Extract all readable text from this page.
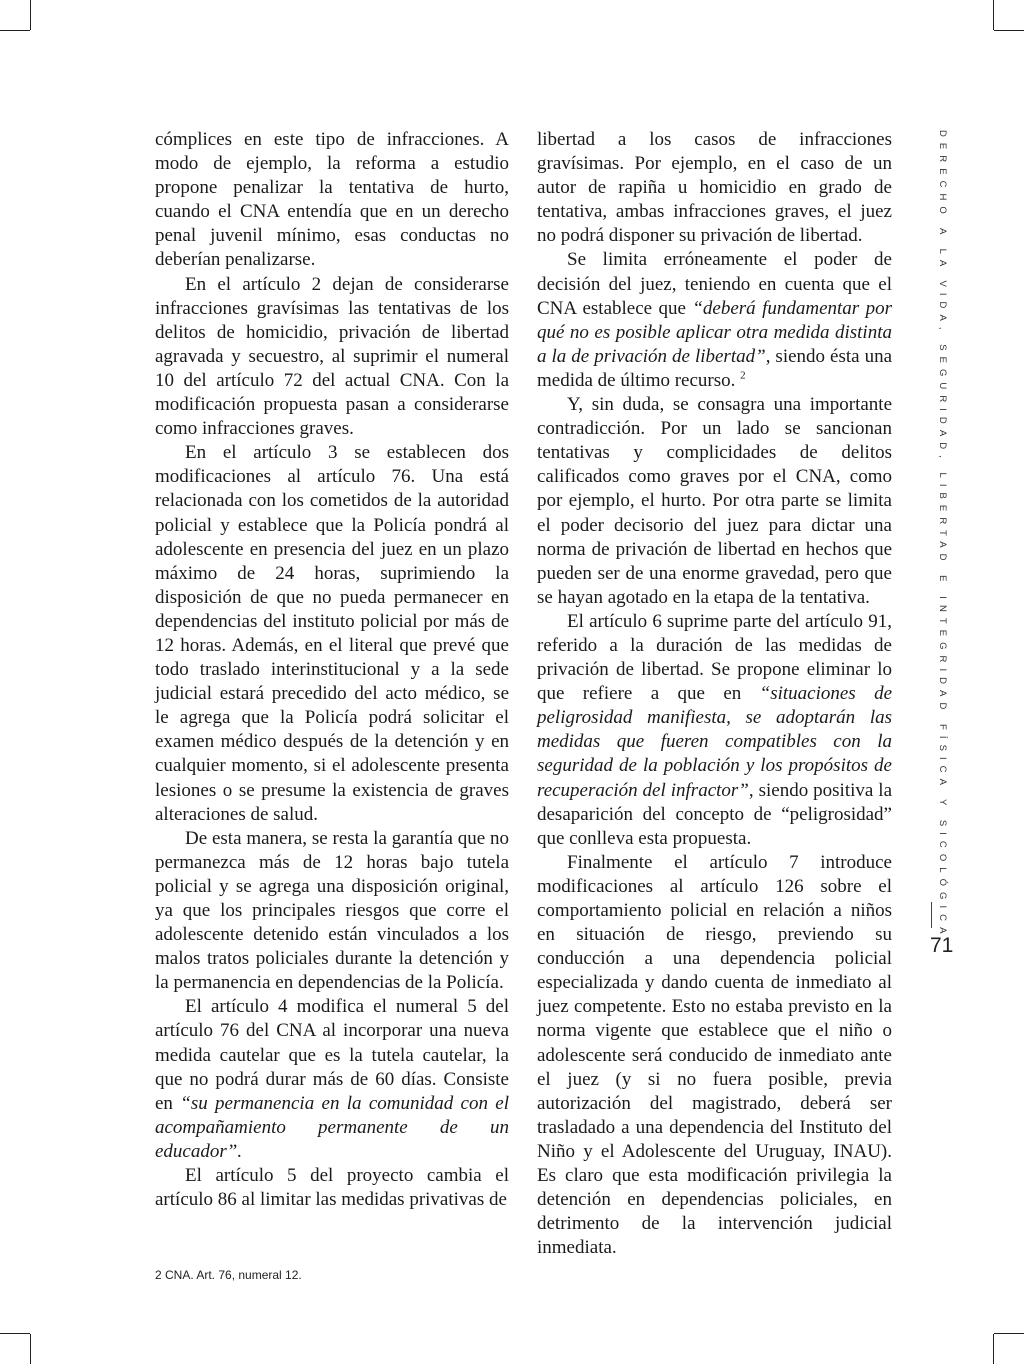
cómplices en este tipo de infracciones. A modo de ejemplo, la reforma a estudio propone penalizar la tentativa de hurto, cuando el CNA entendía que en un derecho penal juvenil mínimo, esas conductas no deberían penalizarse.

En el artículo 2 dejan de considerarse infracciones gravísimas las tentativas de los delitos de homicidio, privación de libertad agravada y secuestro, al suprimir el numeral 10 del artículo 72 del actual CNA. Con la modificación propuesta pasan a considerarse como infracciones graves.

En el artículo 3 se establecen dos modificaciones al artículo 76. Una está relacionada con los cometidos de la autoridad policial y establece que la Policía pondrá al adolescente en presencia del juez en un plazo máximo de 24 horas, suprimiendo la disposición de que no pueda permanecer en dependencias del instituto policial por más de 12 horas. Además, en el literal que prevé que todo traslado interinstitucional y a la sede judicial estará precedido del acto médico, se le agrega que la Policía podrá solicitar el examen médico después de la detención y en cualquier momento, si el adolescente presenta lesiones o se presume la existencia de graves alteraciones de salud.

De esta manera, se resta la garantía que no permanezca más de 12 horas bajo tutela policial y se agrega una disposición original, ya que los principales riesgos que corre el adolescente detenido están vinculados a los malos tratos policiales durante la detención y la permanencia en dependencias de la Policía.

El artículo 4 modifica el numeral 5 del artículo 76 del CNA al incorporar una nueva medida cautelar que es la tutela cautelar, la que no podrá durar más de 60 días. Consiste en “su permanencia en la comunidad con el acompañamiento permanente de un educador”.

El artículo 5 del proyecto cambia el artículo 86 al limitar las medidas privativas de

libertad a los casos de infracciones gravísimas. Por ejemplo, en el caso de un autor de rapiña u homicidio en grado de tentativa, ambas infracciones graves, el juez no podrá disponer su privación de libertad.

Se limita erróneamente el poder de decisión del juez, teniendo en cuenta que el CNA establece que “deberá fundamentar por qué no es posible aplicar otra medida distinta a la de privación de libertad”, siendo ésta una medida de último recurso. $^2$

Y, sin duda, se consagra una importante contradicción. Por un lado se sancionan tentativas y complicidades de delitos calificados como graves por el CNA, como por ejemplo, el hurto. Por otra parte se limita el poder decisorio del juez para dictar una norma de privación de libertad en hechos que pueden ser de una enorme gravedad, pero que se hayan agotado en la etapa de la tentativa.

El artículo 6 suprime parte del artículo 91, referido a la duración de las medidas de privación de libertad. Se propone eliminar lo que refiere a que en “situaciones de peligrosidad manifiesta, se adoptarán las medidas que fueren compatibles con la seguridad de la población y los propósitos de recuperación del infractor”, siendo positiva la desaparición del concepto de “peligrosidad” que conlleva esta propuesta.

Finalmente el artículo 7 introduce modificaciones al artículo 126 sobre el comportamiento policial en relación a niños en situación de riesgo, previendo su conducción a una dependencia policial especializada y dando cuenta de inmediato al juez competente. Esto no estaba previsto en la norma vigente que establece que el niño o adolescente será conducido de inmediato ante el juez (y si no fuera posible, previa autorización del magistrado, deberá ser trasladado a una dependencia del Instituto del Niño y el Adolescente del Uruguay, INAU). Es claro que esta modificación privilegia la detención en dependencias policiales, en detrimento de la intervención judicial inmediata.

DERECHO A LA VIDA, SEGURIDAD, LIBERTAD E INTEGRIDAD FÍSICA Y SICOLÓGICA
71
2 CNA. Art. 76, numeral 12.
